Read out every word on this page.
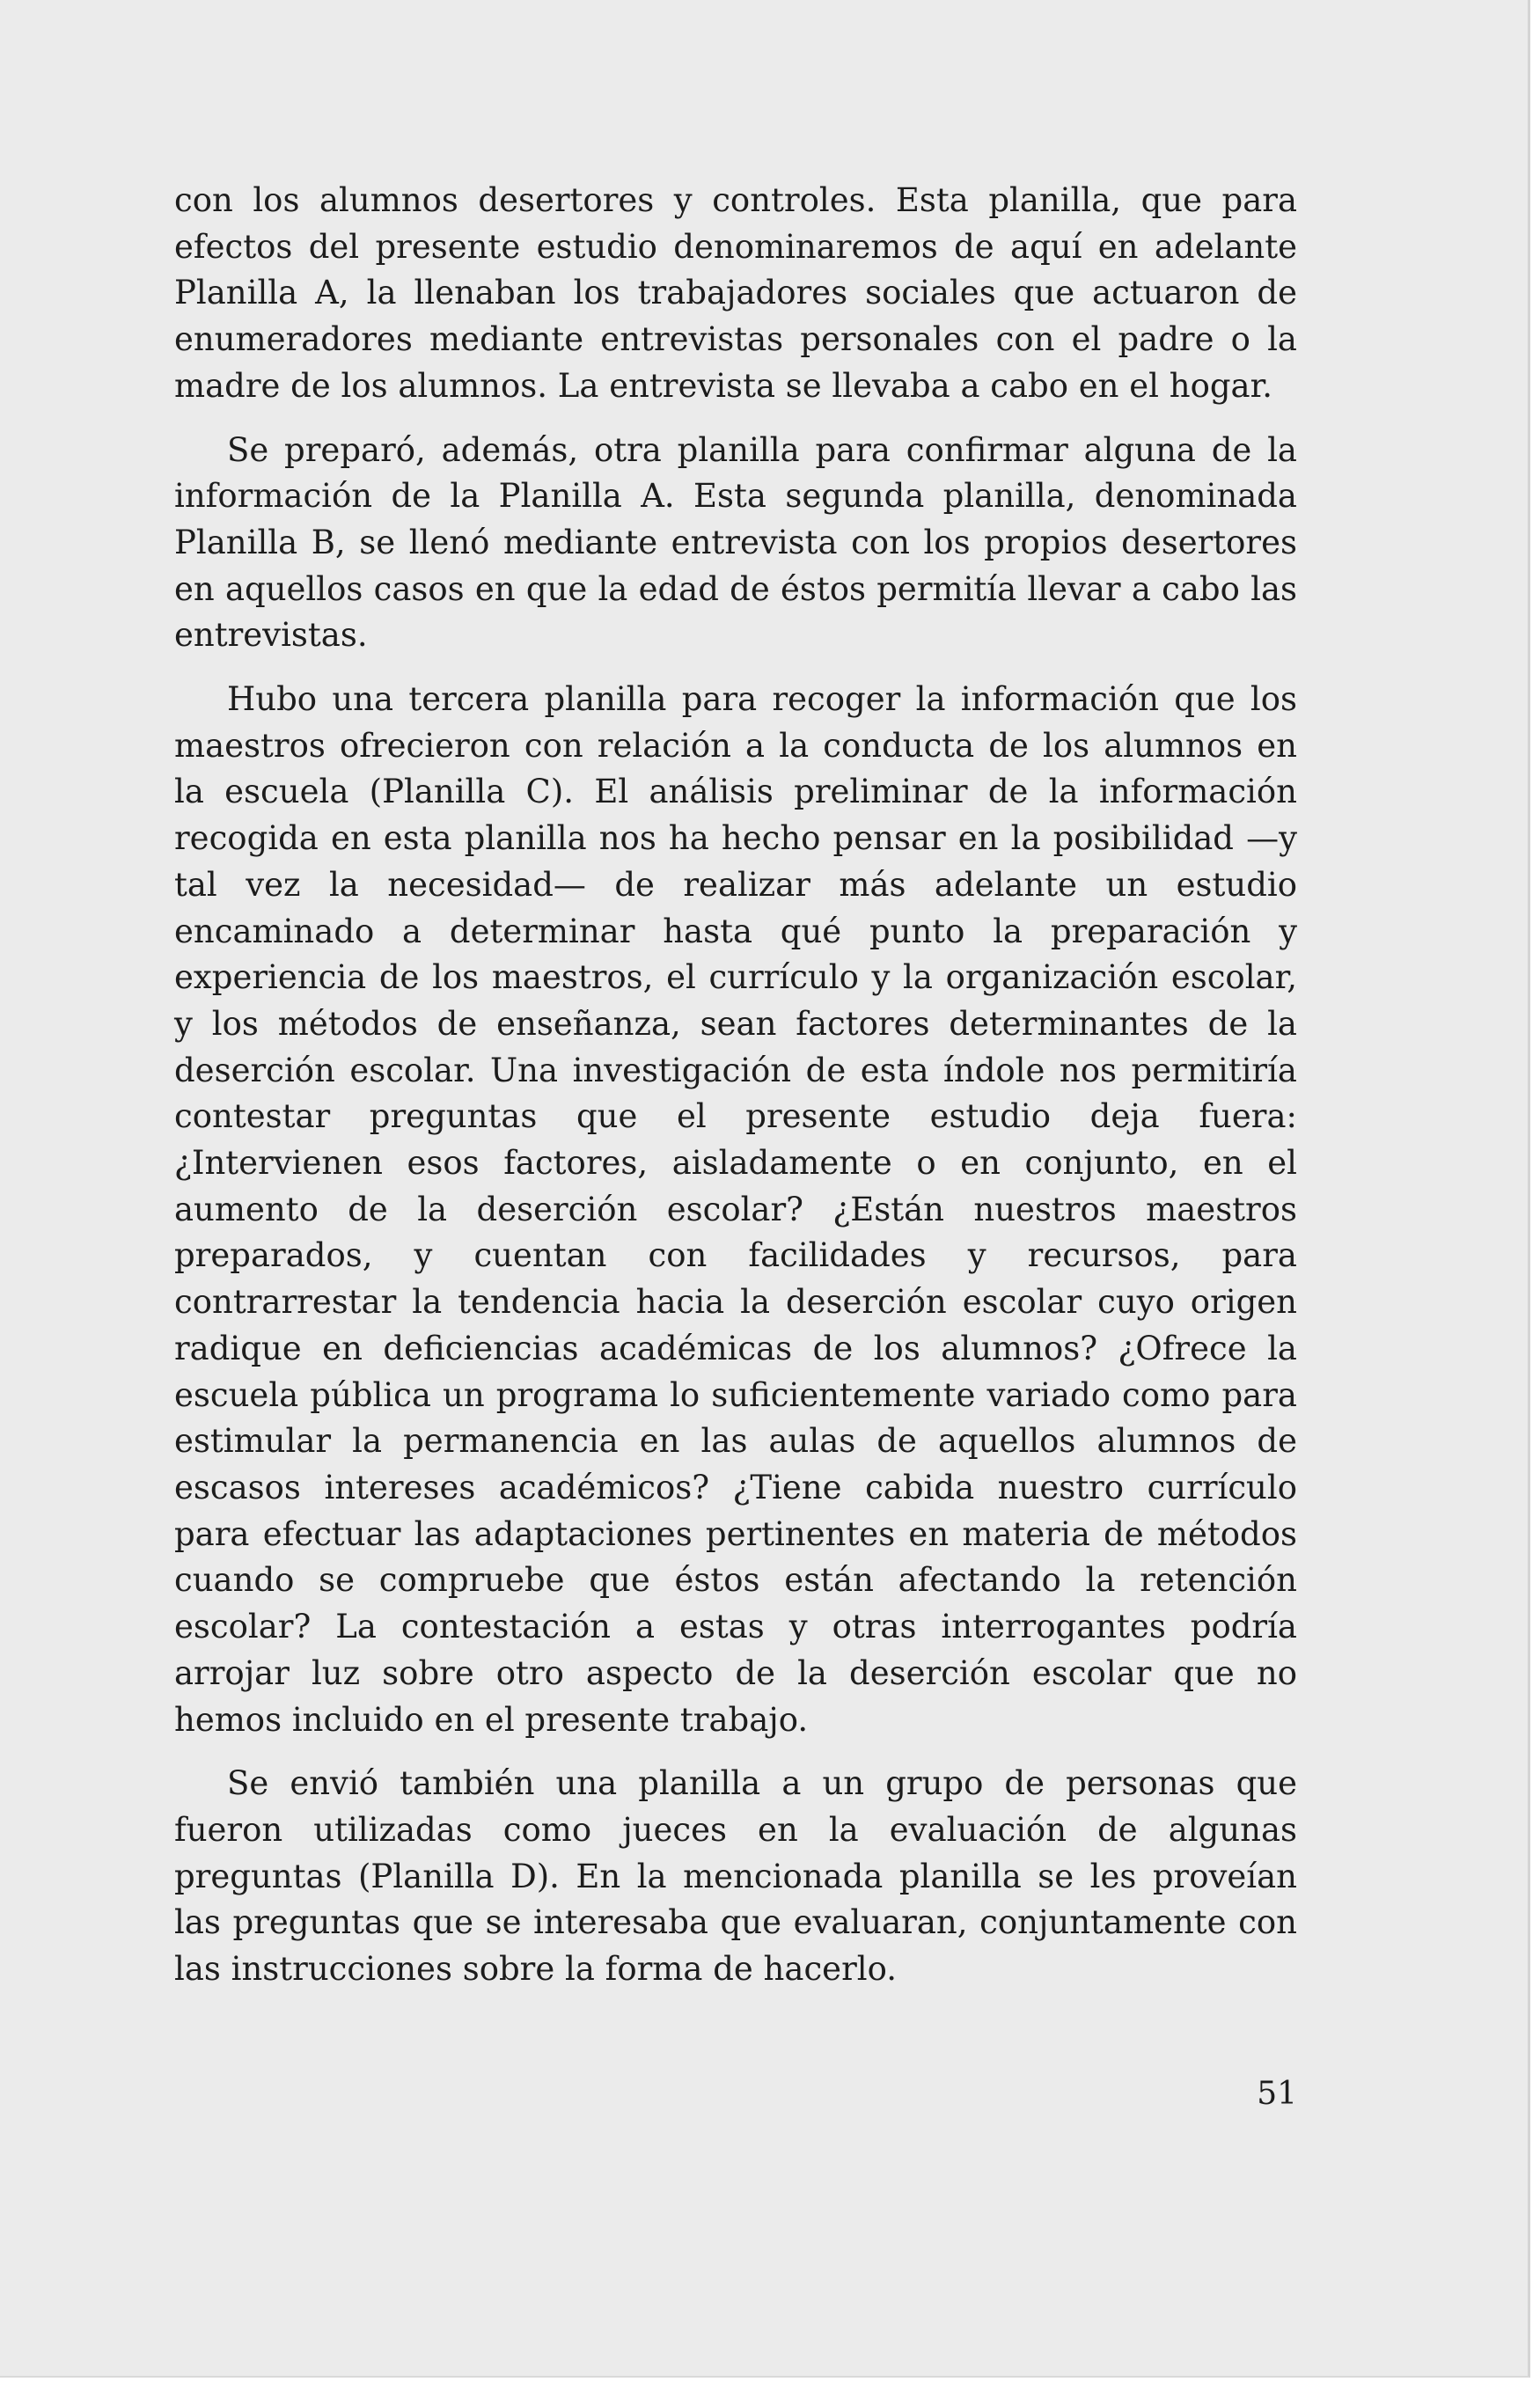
con los alumnos desertores y controles. Esta planilla, que para efectos del presente estudio denominaremos de aquí en adelante Planilla A, la llenaban los trabajadores sociales que actuaron de enumeradores mediante entrevistas personales con el padre o la madre de los alumnos. La entrevista se llevaba a cabo en el hogar.

Se preparó, además, otra planilla para confirmar alguna de la información de la Planilla A. Esta segunda planilla, denominada Planilla B, se llenó mediante entrevista con los propios desertores en aquellos casos en que la edad de éstos permitía llevar a cabo las entrevistas.

Hubo una tercera planilla para recoger la información que los maestros ofrecieron con relación a la conducta de los alumnos en la escuela (Planilla C). El análisis preliminar de la información recogida en esta planilla nos ha hecho pensar en la posibilidad —y tal vez la necesidad— de realizar más adelante un estudio encaminado a determinar hasta qué punto la preparación y experiencia de los maestros, el currículo y la organización escolar, y los métodos de enseñanza, sean factores determinantes de la deserción escolar. Una investigación de esta índole nos permitiría contestar preguntas que el presente estudio deja fuera: ¿Intervienen esos factores, aisladamente o en conjunto, en el aumento de la deserción escolar? ¿Están nuestros maestros preparados, y cuentan con facilidades y recursos, para contrarrestar la tendencia hacia la deserción escolar cuyo origen radique en deficiencias académicas de los alumnos? ¿Ofrece la escuela pública un programa lo suficientemente variado como para estimular la permanencia en las aulas de aquellos alumnos de escasos intereses académicos? ¿Tiene cabida nuestro currículo para efectuar las adaptaciones pertinentes en materia de métodos cuando se compruebe que éstos están afectando la retención escolar? La contestación a estas y otras interrogantes podría arrojar luz sobre otro aspecto de la deserción escolar que no hemos incluido en el presente trabajo.

Se envió también una planilla a un grupo de personas que fueron utilizadas como jueces en la evaluación de algunas preguntas (Planilla D). En la mencionada planilla se les proveían las preguntas que se interesaba que evaluaran, conjuntamente con las instrucciones sobre la forma de hacerlo.

51
